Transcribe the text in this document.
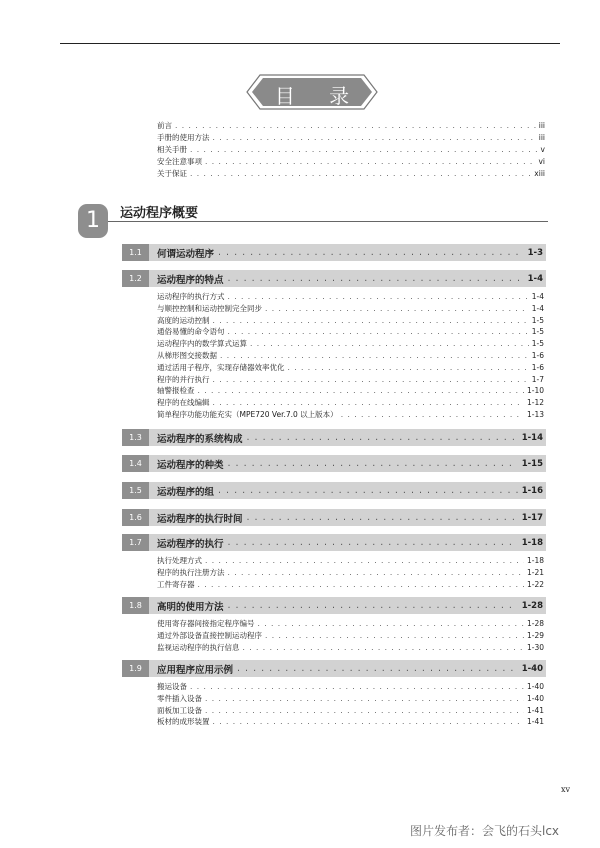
目 录
前言 . . .	iii
手册的使用方法 . . .	iii
相关手册 . . .	v
安全注意事项 . . .	vi
关于保证 . . .	xiii
1	运动程序概要
1.1	何谓运动程序 . . .	1-3
1.2	运动程序的特点 . . .	1-4
运动程序的执行方式 . . .	1-4
与顺控控制和运动控制完全同步 . . .	1-4
高度的运动控制 . . .	1-5
通俗易懂的命令语句 . . .	1-5
运动程序内的数学算式运算 . . .	1-5
从梯形图交接数据 . . .	1-6
通过活用子程序，实现存储器效率优化 . . .	1-6
程序的并行执行 . . .	1-7
轴警报检查 . . .	1-10
程序的在线编辑 . . .	1-12
简单程序功能功能充实（MPE720 Ver.7.0 以上版本） . . .	1-13
1.3	运动程序的系统构成 . . .	1-14
1.4	运动程序的种类 . . .	1-15
1.5	运动程序的组 . . .	1-16
1.6	运动程序的执行时间 . . .	1-17
1.7	运动程序的执行 . . .	1-18
执行处理方式 . . .	1-18
程序的执行注册方法 . . .	1-21
工件寄存器 . . .	1-22
1.8	高明的使用方法 . . .	1-28
使用寄存器间接指定程序编号 . . .	1-28
通过外部设备直接控制运动程序 . . .	1-29
监视运动程序的执行信息 . . .	1-30
1.9	应用程序应用示例 . . .	1-40
搬运设备 . . .	1-40
零件插入设备 . . .	1-40
面板加工设备 . . .	1-41
板材的成形装置 . . .	1-41
xv
图片发布者：会飞的石头lcx
